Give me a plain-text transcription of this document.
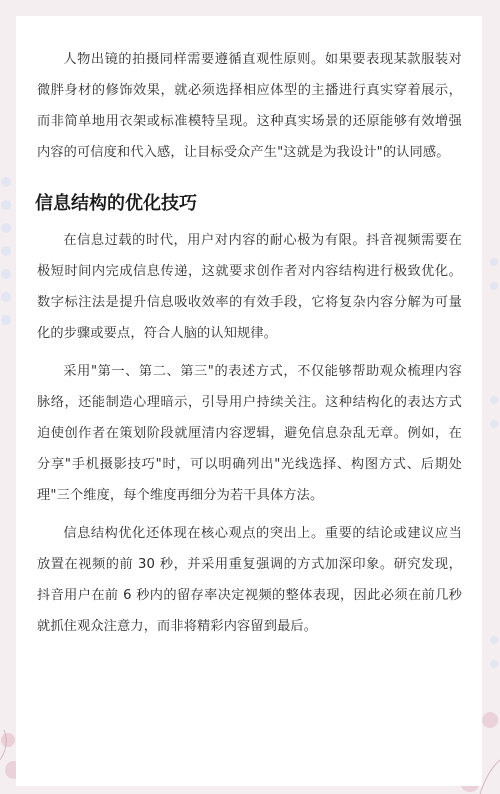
人物出镜的拍摄同样需要遵循直观性原则。如果要表现某款服装对微胖身材的修饰效果，就必须选择相应体型的主播进行真实穿着展示，而非简单地用衣架或标准模特呈现。这种真实场景的还原能够有效增强内容的可信度和代入感，让目标受众产生"这就是为我设计"的认同感。

信息结构的优化技巧

在信息过载的时代，用户对内容的耐心极为有限。抖音视频需要在极短时间内完成信息传递，这就要求创作者对内容结构进行极致优化。数字标注法是提升信息吸收效率的有效手段，它将复杂内容分解为可量化的步骤或要点，符合人脑的认知规律。

采用"第一、第二、第三"的表述方式，不仅能够帮助观众梳理内容脉络，还能制造心理暗示，引导用户持续关注。这种结构化的表达方式迫使创作者在策划阶段就厘清内容逻辑，避免信息杂乱无章。例如，在分享"手机摄影技巧"时，可以明确列出"光线选择、构图方式、后期处理"三个维度，每个维度再细分为若干具体方法。

信息结构优化还体现在核心观点的突出上。重要的结论或建议应当放置在视频的前 30 秒，并采用重复强调的方式加深印象。研究发现，抖音用户在前 6 秒内的留存率决定视频的整体表现，因此必须在前几秒就抓住观众注意力，而非将精彩内容留到最后。
